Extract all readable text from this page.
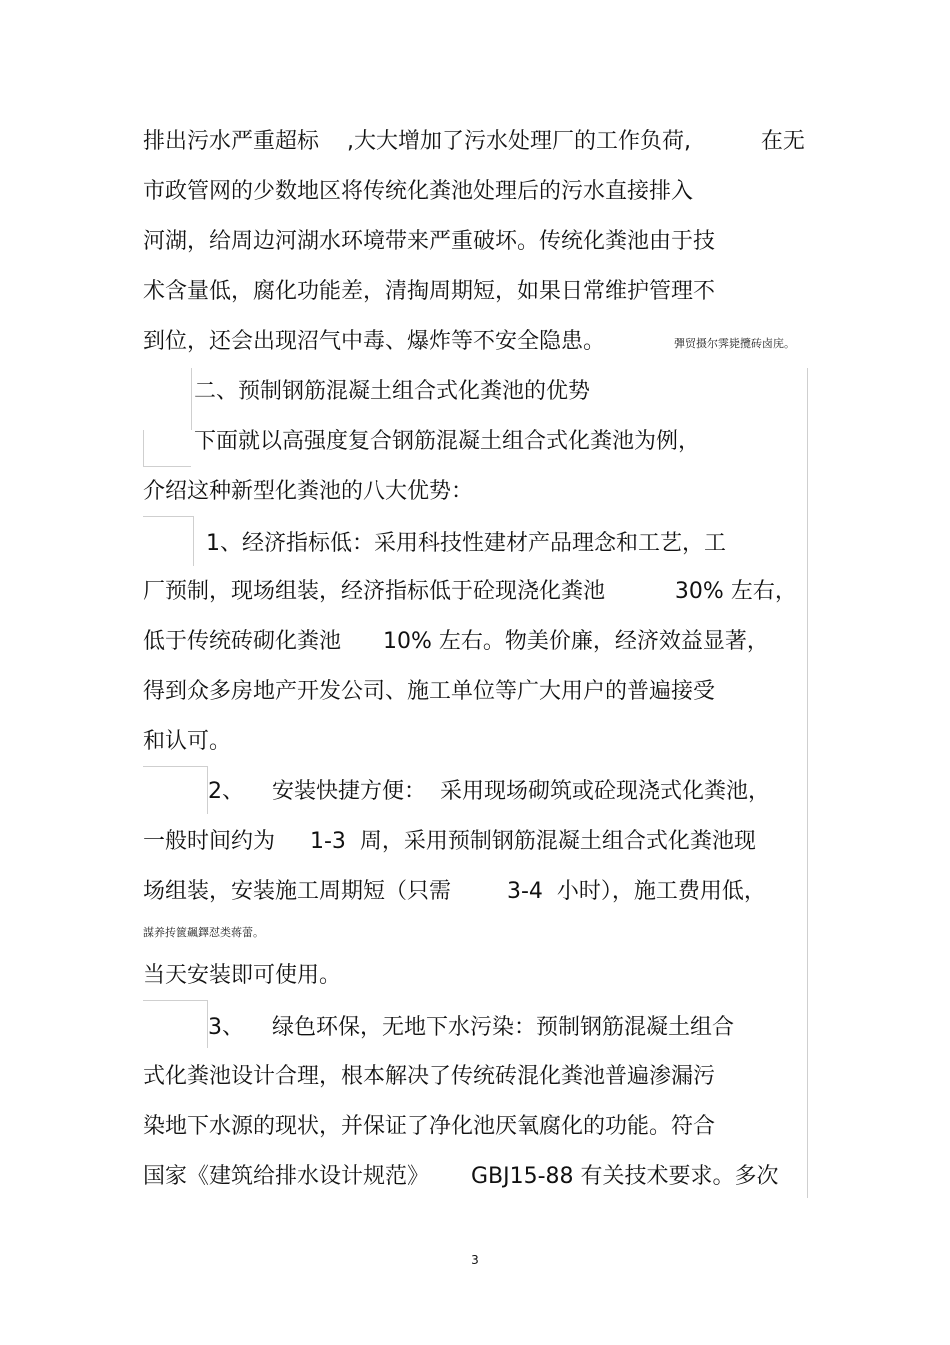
排出污水严重超标    ,大大增加了污水处理厂的工作负荷,          在无
市政管网的少数地区将传统化粪池处理后的污水直接排入
河湖，给周边河湖水环境带来严重破坏。传统化粪池由于技
术含量低，腐化功能差，清掏周期短，如果日常维护管理不
到位，还会出现沼气中毒、爆炸等不安全隐患。	彈贸摄尔霁毙攬砖卤庑。
二、预制钢筋混凝土组合式化粪池的优势
下面就以高强度复合钢筋混凝土组合式化粪池为例，
介绍这种新型化粪池的八大优势：
1、经济指标低：采用科技性建材产品理念和工艺，工
厂预制，现场组装，经济指标低于砼现浇化粪池          30% 左右，
低于传统砖砌化粪池      10% 左右。物美价廉，经济效益显著，
得到众多房地产开发公司、施工单位等广大用户的普遍接受
和认可。
2、    安装快捷方便：  采用现场砌筑或砼现浇式化粪池，
一般时间约为     1-3  周，采用预制钢筋混凝土组合式化粪池现
场组装，安装施工周期短（只需        3-4  小时），施工费用低，
謀养抟篋飆鐸怼类蒋蕾。
当天安装即可使用。
3、    绿色环保，无地下水污染：预制钢筋混凝土组合
式化粪池设计合理，根本解决了传统砖混化粪池普遍渗漏污
染地下水源的现状，并保证了净化池厌氧腐化的功能。符合
国家《建筑给排水设计规范》      GBJ15-88 有关技术要求。多次
3
